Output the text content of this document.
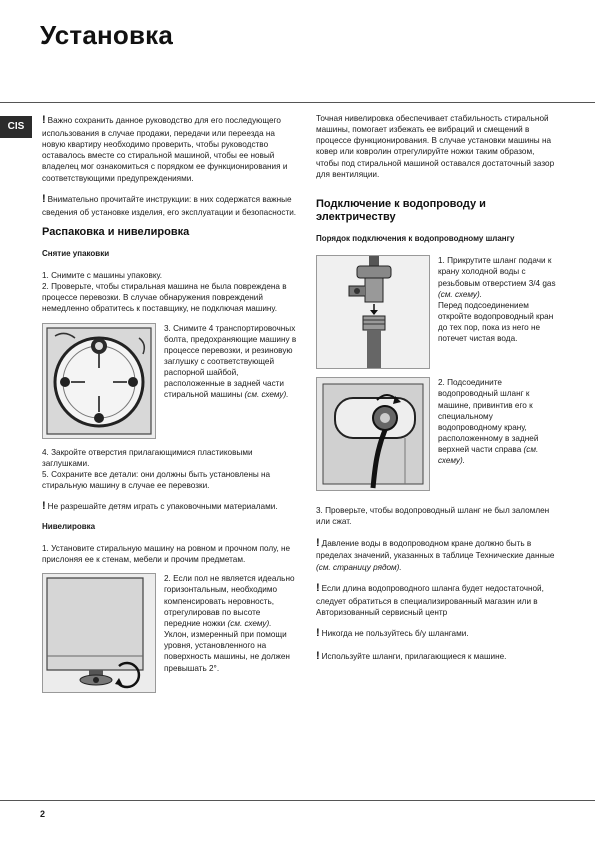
Установка
CIS

! Важно сохранить данное руководство для его последующего использования в случае продажи, передачи или переезда на новую квартиру необходимо проверить, чтобы руководство оставалось вместе со стиральной машиной, чтобы ее новый владелец мог ознакомиться с порядком ее функционирования и соответствующими предупреждениями.

! Внимательно прочитайте инструкции: в них содержатся важные сведения об установке изделия, его эксплуатации и безопасности.

Распаковка и нивелировка
Снятие упаковки

1. Снимите с машины упаковку.

2. Проверьте, чтобы стиральная машина не была повреждена в процессе перевозки. В случае обнаружения повреждений немедленно обратитесь к поставщику, не подключая машину.

3. Снимите 4 транспортировочных болта, предохраняющие машину в процессе перевозки, и резиновую заглушку с соответствующей распорной шайбой, расположенные в задней части стиральной машины (см. схему).

4. Закройте отверстия прилагающимися пластиковыми заглушками.

5. Сохраните все детали: они должны быть установлены на стиральную машину в случае ее перевозки.

! Не разрешайте детям играть с упаковочными материалами.

Нивелировка

1. Установите стиральную машину на ровном и прочном полу, не прислоняя ее к стенам, мебели и прочим предметам.

2. Если пол не является идеально горизонтальным, необходимо компенсировать неровность, отрегулировав по высоте передние ножки (см. схему). Уклон, измеренный при помощи уровня, установленного на поверхность машины, не должен превышать 2°.

Точная нивелировка обеспечивает стабильность стиральной машины, помогает избежать ее вибраций и смещений в процессе функционирования. В случае установки машины на ковер или ковролин отрегулируйте ножки таким образом, чтобы под стиральной машиной оставался достаточный зазор для вентиляции.

Подключение к водопроводу и электричеству
Порядок подключения к водопроводному шлангу
1. Прикрутите шланг подачи к крану холодной воды с резьбовым отверстием 3/4 gas (см. схему).
Перед подсоединением откройте водопроводный кран до тех пор, пока из него не потечет чистая вода.
2. Подсоедините водопроводный шланг к машине, привинтив его к специальному водопроводному крану, расположенному в задней верхней части справа (см. схему).

3. Проверьте, чтобы водопроводный шланг не был заломлен или сжат.

! Давление воды в водопроводном кране должно быть в пределах значений, указанных в таблице Технические данные (см. страницу рядом).

! Если длина водопроводного шланга будет недостаточной, следует обратиться в специализированный магазин или в Авторизованный сервисный центр

! Никогда не пользуйтесь б/у шлангами.

! Используйте шланги, прилагающиеся к машине.

2
